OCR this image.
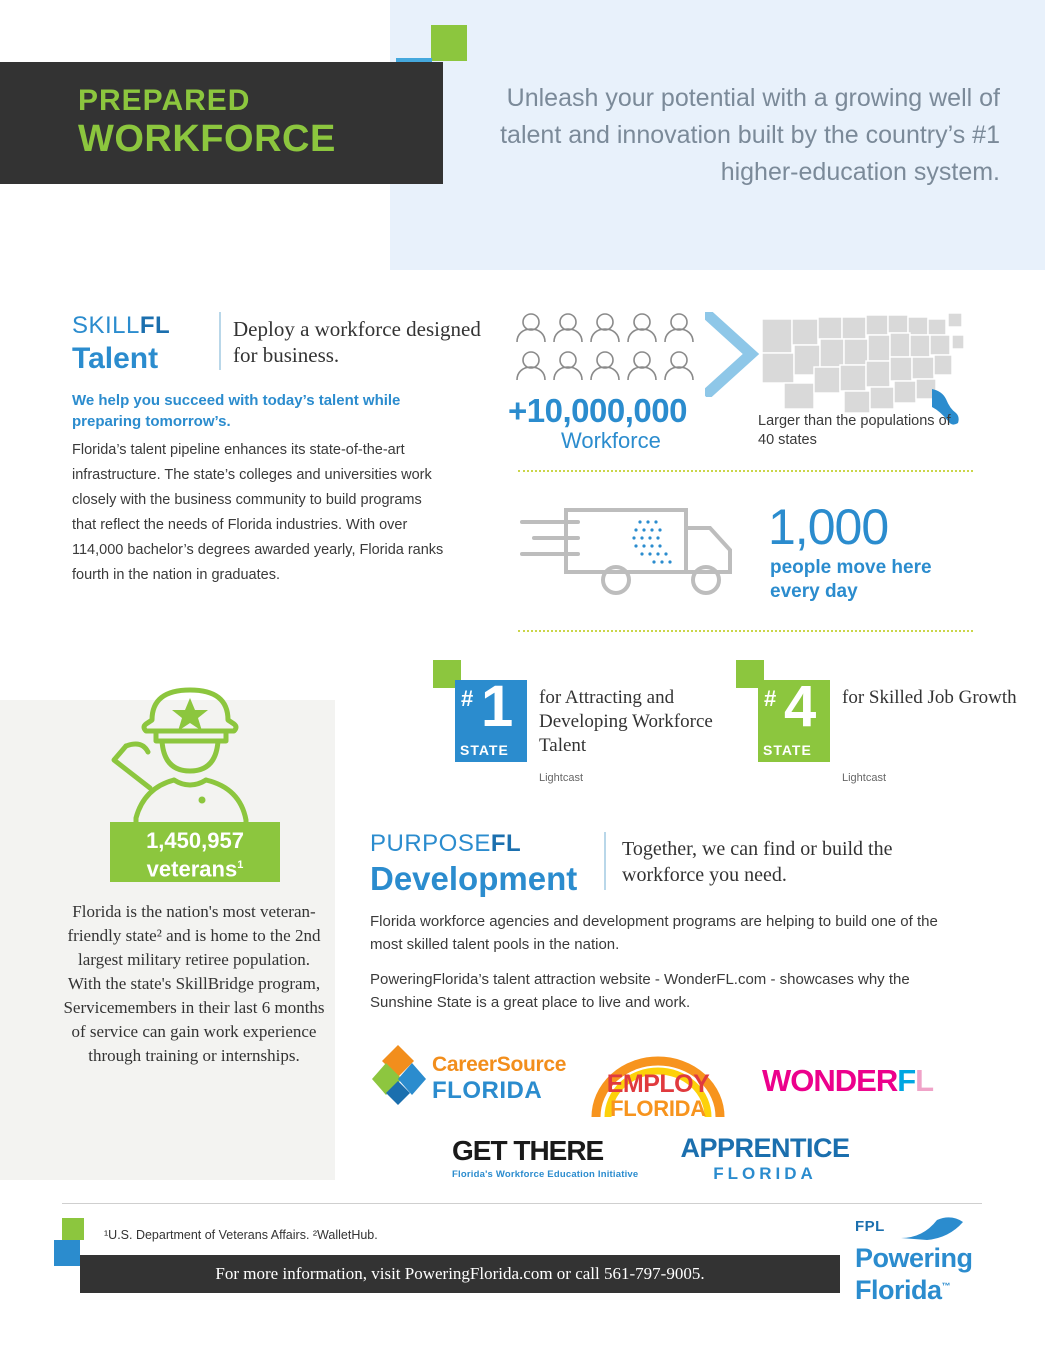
PREPARED
WORKFORCE
Unleash your potential with a growing well of talent and innovation built by the country’s #1 higher-education system.
SKILLFL
Talent
Deploy a workforce designed for business.
We help you succeed with today’s talent while preparing tomorrow’s.
Florida’s talent pipeline enhances its state-of-the-art infrastructure. The state’s colleges and universities work closely with the business community to build programs that reflect the needs of Florida industries. With over 114,000 bachelor’s degrees awarded yearly, Florida ranks fourth in the nation in graduates.
+10,000,000
Workforce
Larger than the populations of 40 states
1,000
people move here every day
# 1
STATE
for Attracting and Developing Workforce Talent
Lightcast
# 4
STATE
for Skilled Job Growth
Lightcast
1,450,957
veterans$^1$
Florida is the nation's most veteran-friendly state² and is home to the 2nd largest military retiree population. With the state's SkillBridge program, Servicemembers in their last 6 months of service can gain work experience through training or internships.
PURPOSEFL
Development
Together, we can find or build the workforce you need.
Florida workforce agencies and development programs are helping to build one of the most skilled talent pools in the nation.
PoweringFlorida’s talent attraction website - WonderFL.com - showcases why the Sunshine State is a great place to live and work.
CareerSource
FLORIDA	EMPLOY
FLORIDA
WONDERFL
GET THERE
Florida's Workforce Education Initiative
APPRENTICE
FLORIDA
¹U.S. Department of Veterans Affairs. ²WalletHub.
For more information, visit PoweringFlorida.com or call 561-797-9005.
FPL
Powering
Florida™
